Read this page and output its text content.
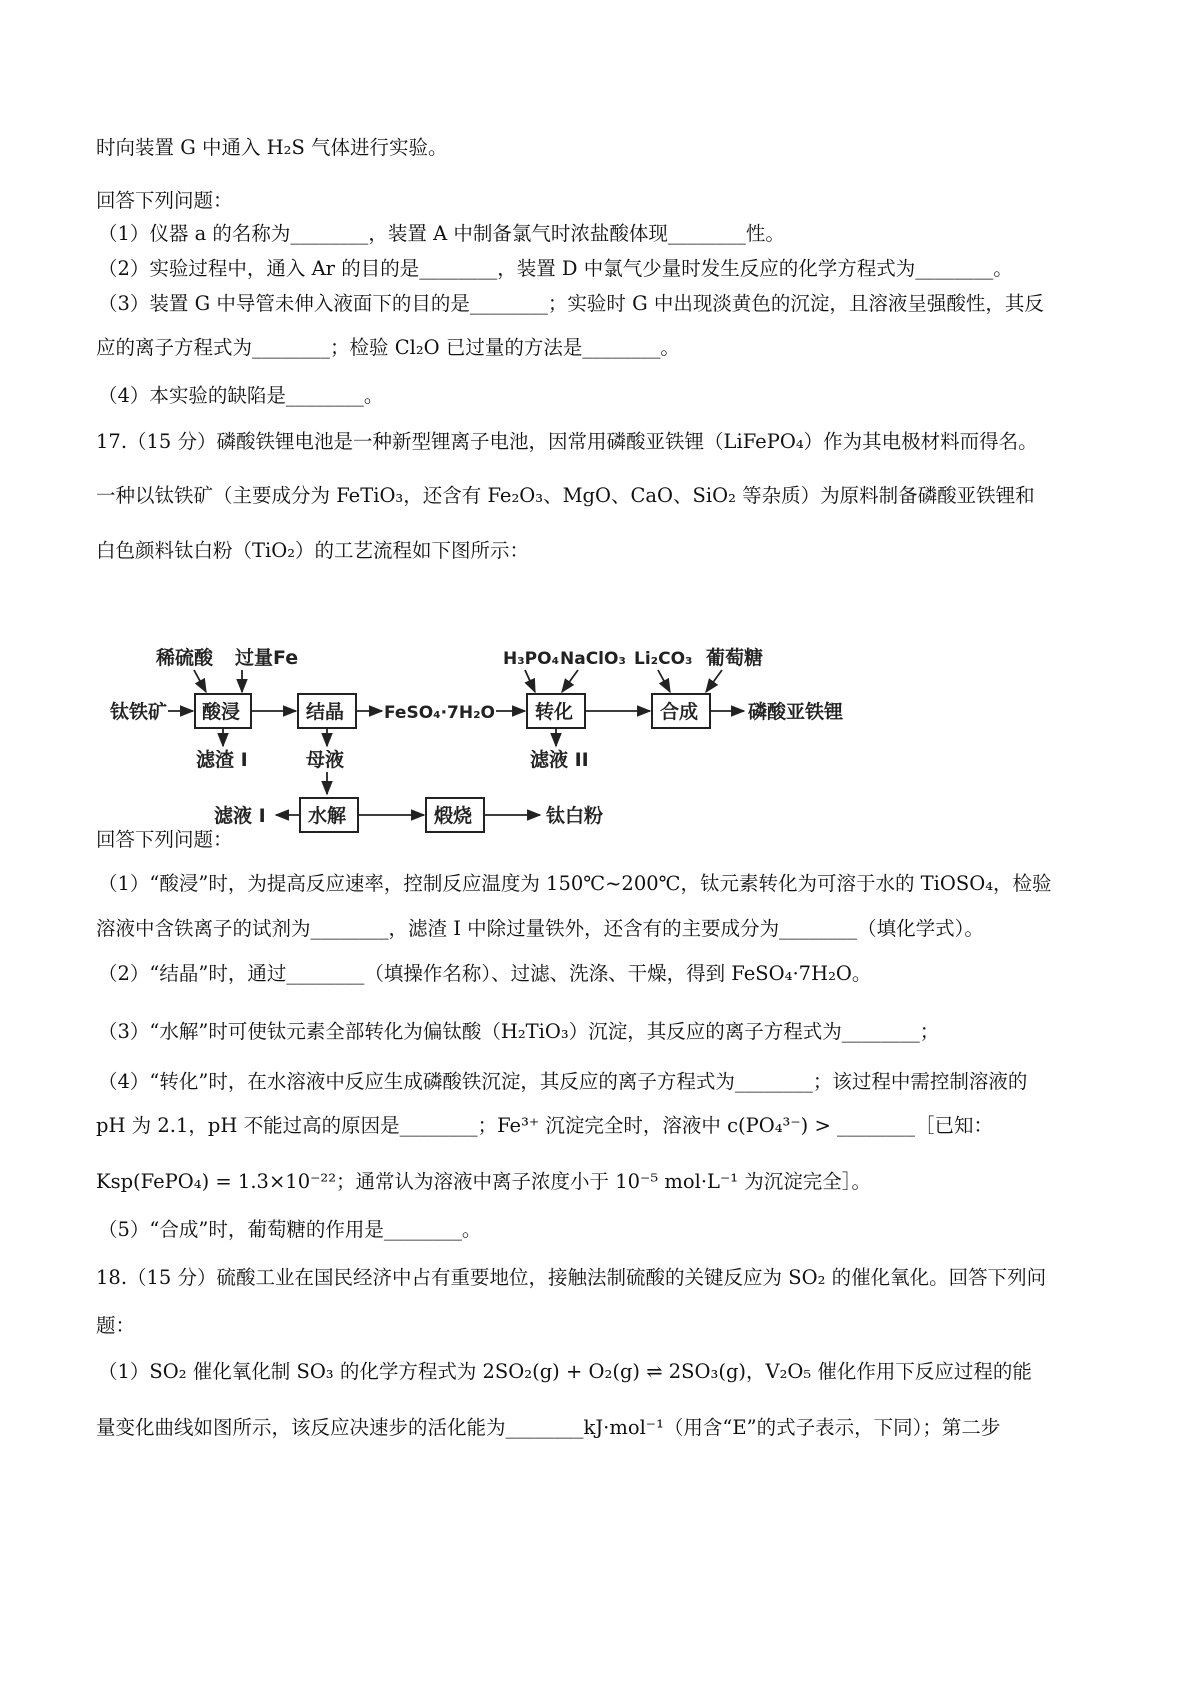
时向装置 G 中通入 H₂S 气体进行实验。
回答下列问题：
（1）仪器 a 的名称为________，装置 A 中制备氯气时浓盐酸体现________性。
（2）实验过程中，通入 Ar 的目的是________，装置 D 中氯气少量时发生反应的化学方程式为________。
（3）装置 G 中导管未伸入液面下的目的是________；实验时 G 中出现淡黄色的沉淀，且溶液呈强酸性，其反
应的离子方程式为________；检验 Cl₂O 已过量的方法是________。
（4）本实验的缺陷是________。
17.（15 分）磷酸铁锂电池是一种新型锂离子电池，因常用磷酸亚铁锂（LiFePO₄）作为其电极材料而得名。
一种以钛铁矿（主要成分为 FeTiO₃，还含有 Fe₂O₃、MgO、CaO、SiO₂ 等杂质）为原料制备磷酸亚铁锂和
白色颜料钛白粉（TiO₂）的工艺流程如下图所示：
稀硫酸 过量Fe	H₃PO₄ NaClO₃ Li₂CO₃ 葡萄糖
钛铁矿 酸浸	结晶 FeSO₄·7H₂O 转化	合成	磷酸亚铁锂
滤渣 I	母液	滤液 II
滤液 I 水解	煅烧	钛白粉
回答下列问题：
（1）“酸浸”时，为提高反应速率，控制反应温度为 150℃~200℃，钛元素转化为可溶于水的 TiOSO₄，检验
溶液中含铁离子的试剂为________，滤渣 I 中除过量铁外，还含有的主要成分为________（填化学式）。
（2）“结晶”时，通过________（填操作名称）、过滤、洗涤、干燥，得到 FeSO₄·7H₂O。
（3）“水解”时可使钛元素全部转化为偏钛酸（H₂TiO₃）沉淀，其反应的离子方程式为________；
（4）“转化”时，在水溶液中反应生成磷酸铁沉淀，其反应的离子方程式为________；该过程中需控制溶液的
pH 为 2.1，pH 不能过高的原因是________；Fe³⁺ 沉淀完全时，溶液中 c(PO₄³⁻) > ________［已知：
Ksp(FePO₄) = 1.3×10⁻²²；通常认为溶液中离子浓度小于 10⁻⁵ mol·L⁻¹ 为沉淀完全］。
（5）“合成”时，葡萄糖的作用是________。
18.（15 分）硫酸工业在国民经济中占有重要地位，接触法制硫酸的关键反应为 SO₂ 的催化氧化。回答下列问
题：
（1）SO₂ 催化氧化制 SO₃ 的化学方程式为 2SO₂(g) + O₂(g) ⇌ 2SO₃(g)，V₂O₅ 催化作用下反应过程的能
量变化曲线如图所示，该反应决速步的活化能为________kJ·mol⁻¹（用含“E”的式子表示，下同）；第二步
